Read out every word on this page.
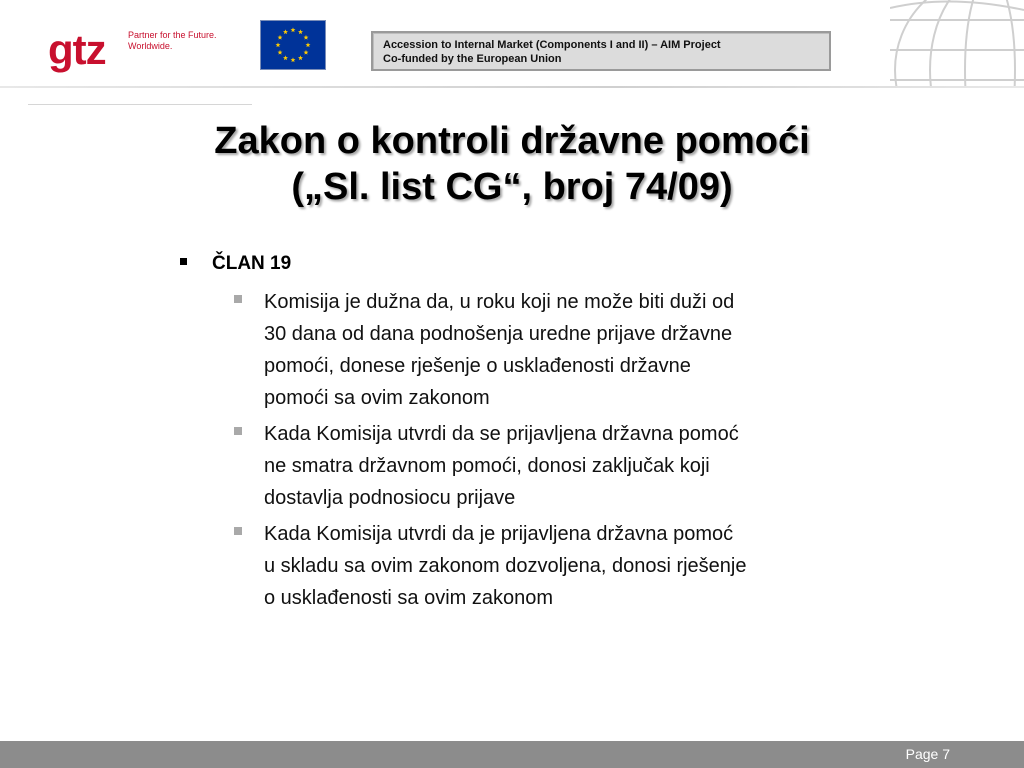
gtz Partner for the Future.
Worldwide.	Accession to Internal Market (Components I and II) – AIM Project
Co-funded by the European Union
Zakon o kontroli državne pomoći
(„Sl. list CG“, broj 74/09)
ČLAN 19
Komisija je dužna da, u roku koji ne može biti duži od
30 dana od dana podnošenja uredne prijave državne
pomoći, donese rješenje o usklađenosti državne
pomoći sa ovim zakonom
Kada Komisija utvrdi da se prijavljena državna pomoć
ne smatra državnom pomoći, donosi zaključak koji
dostavlja podnosiocu prijave
Kada Komisija utvrdi da je prijavljena državna pomoć
u skladu sa ovim zakonom dozvoljena, donosi rješenje
o usklađenosti sa ovim zakonom
Page 7
